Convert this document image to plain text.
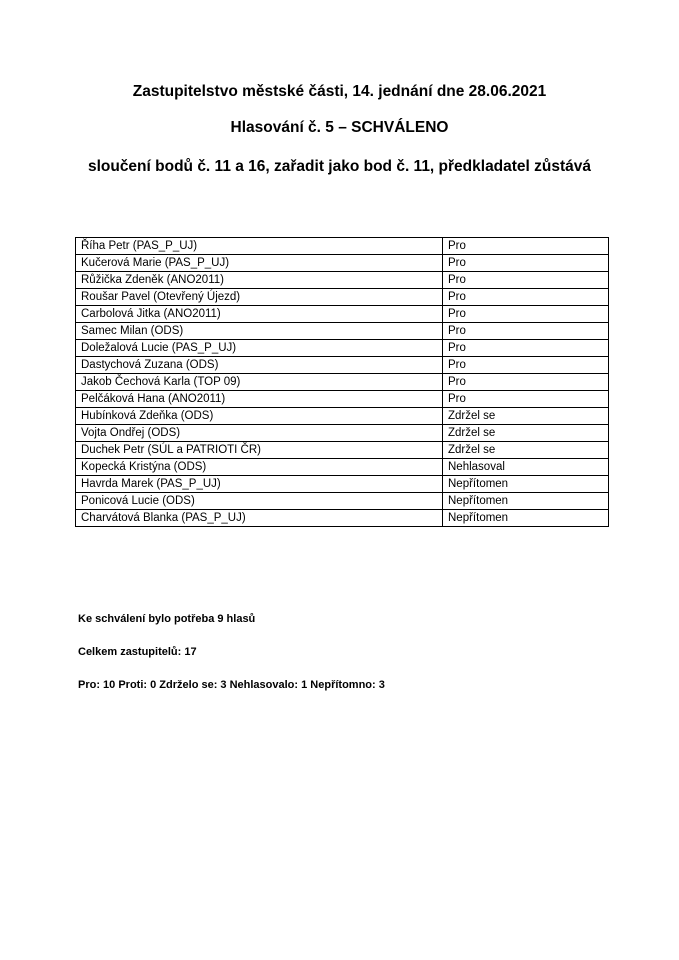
Zastupitelstvo městské části, 14. jednání dne 28.06.2021
Hlasování č. 5 – SCHVÁLENO
sloučení bodů č. 11 a 16, zařadit jako bod č. 11, předkladatel zůstává
Říha Petr (PAS_P_UJ)	Pro
Kučerová Marie (PAS_P_UJ)	Pro
Růžička Zdeněk (ANO2011)	Pro
Roušar Pavel (Otevřený Újezd)	Pro
Carbolová Jitka (ANO2011)	Pro
Samec Milan (ODS)	Pro
Doležalová Lucie (PAS_P_UJ)	Pro
Dastychová Zuzana (ODS)	Pro
Jakob Čechová Karla (TOP 09)	Pro
Pelčáková Hana (ANO2011)	Pro
Hubínková Zdeňka (ODS)	Zdržel se
Vojta Ondřej (ODS)	Zdržel se
Duchek Petr (SÚL a PATRIOTI ČR)	Zdržel se
Kopecká Kristýna (ODS)	Nehlasoval
Havrda Marek (PAS_P_UJ)	Nepřítomen
Ponicová Lucie (ODS)	Nepřítomen
Charvátová Blanka (PAS_P_UJ)	Nepřítomen

Ke schválení bylo potřeba 9 hlasů

Celkem zastupitelů: 17

Pro: 10 Proti: 0 Zdrželo se: 3 Nehlasovalo: 1 Nepřítomno: 3
